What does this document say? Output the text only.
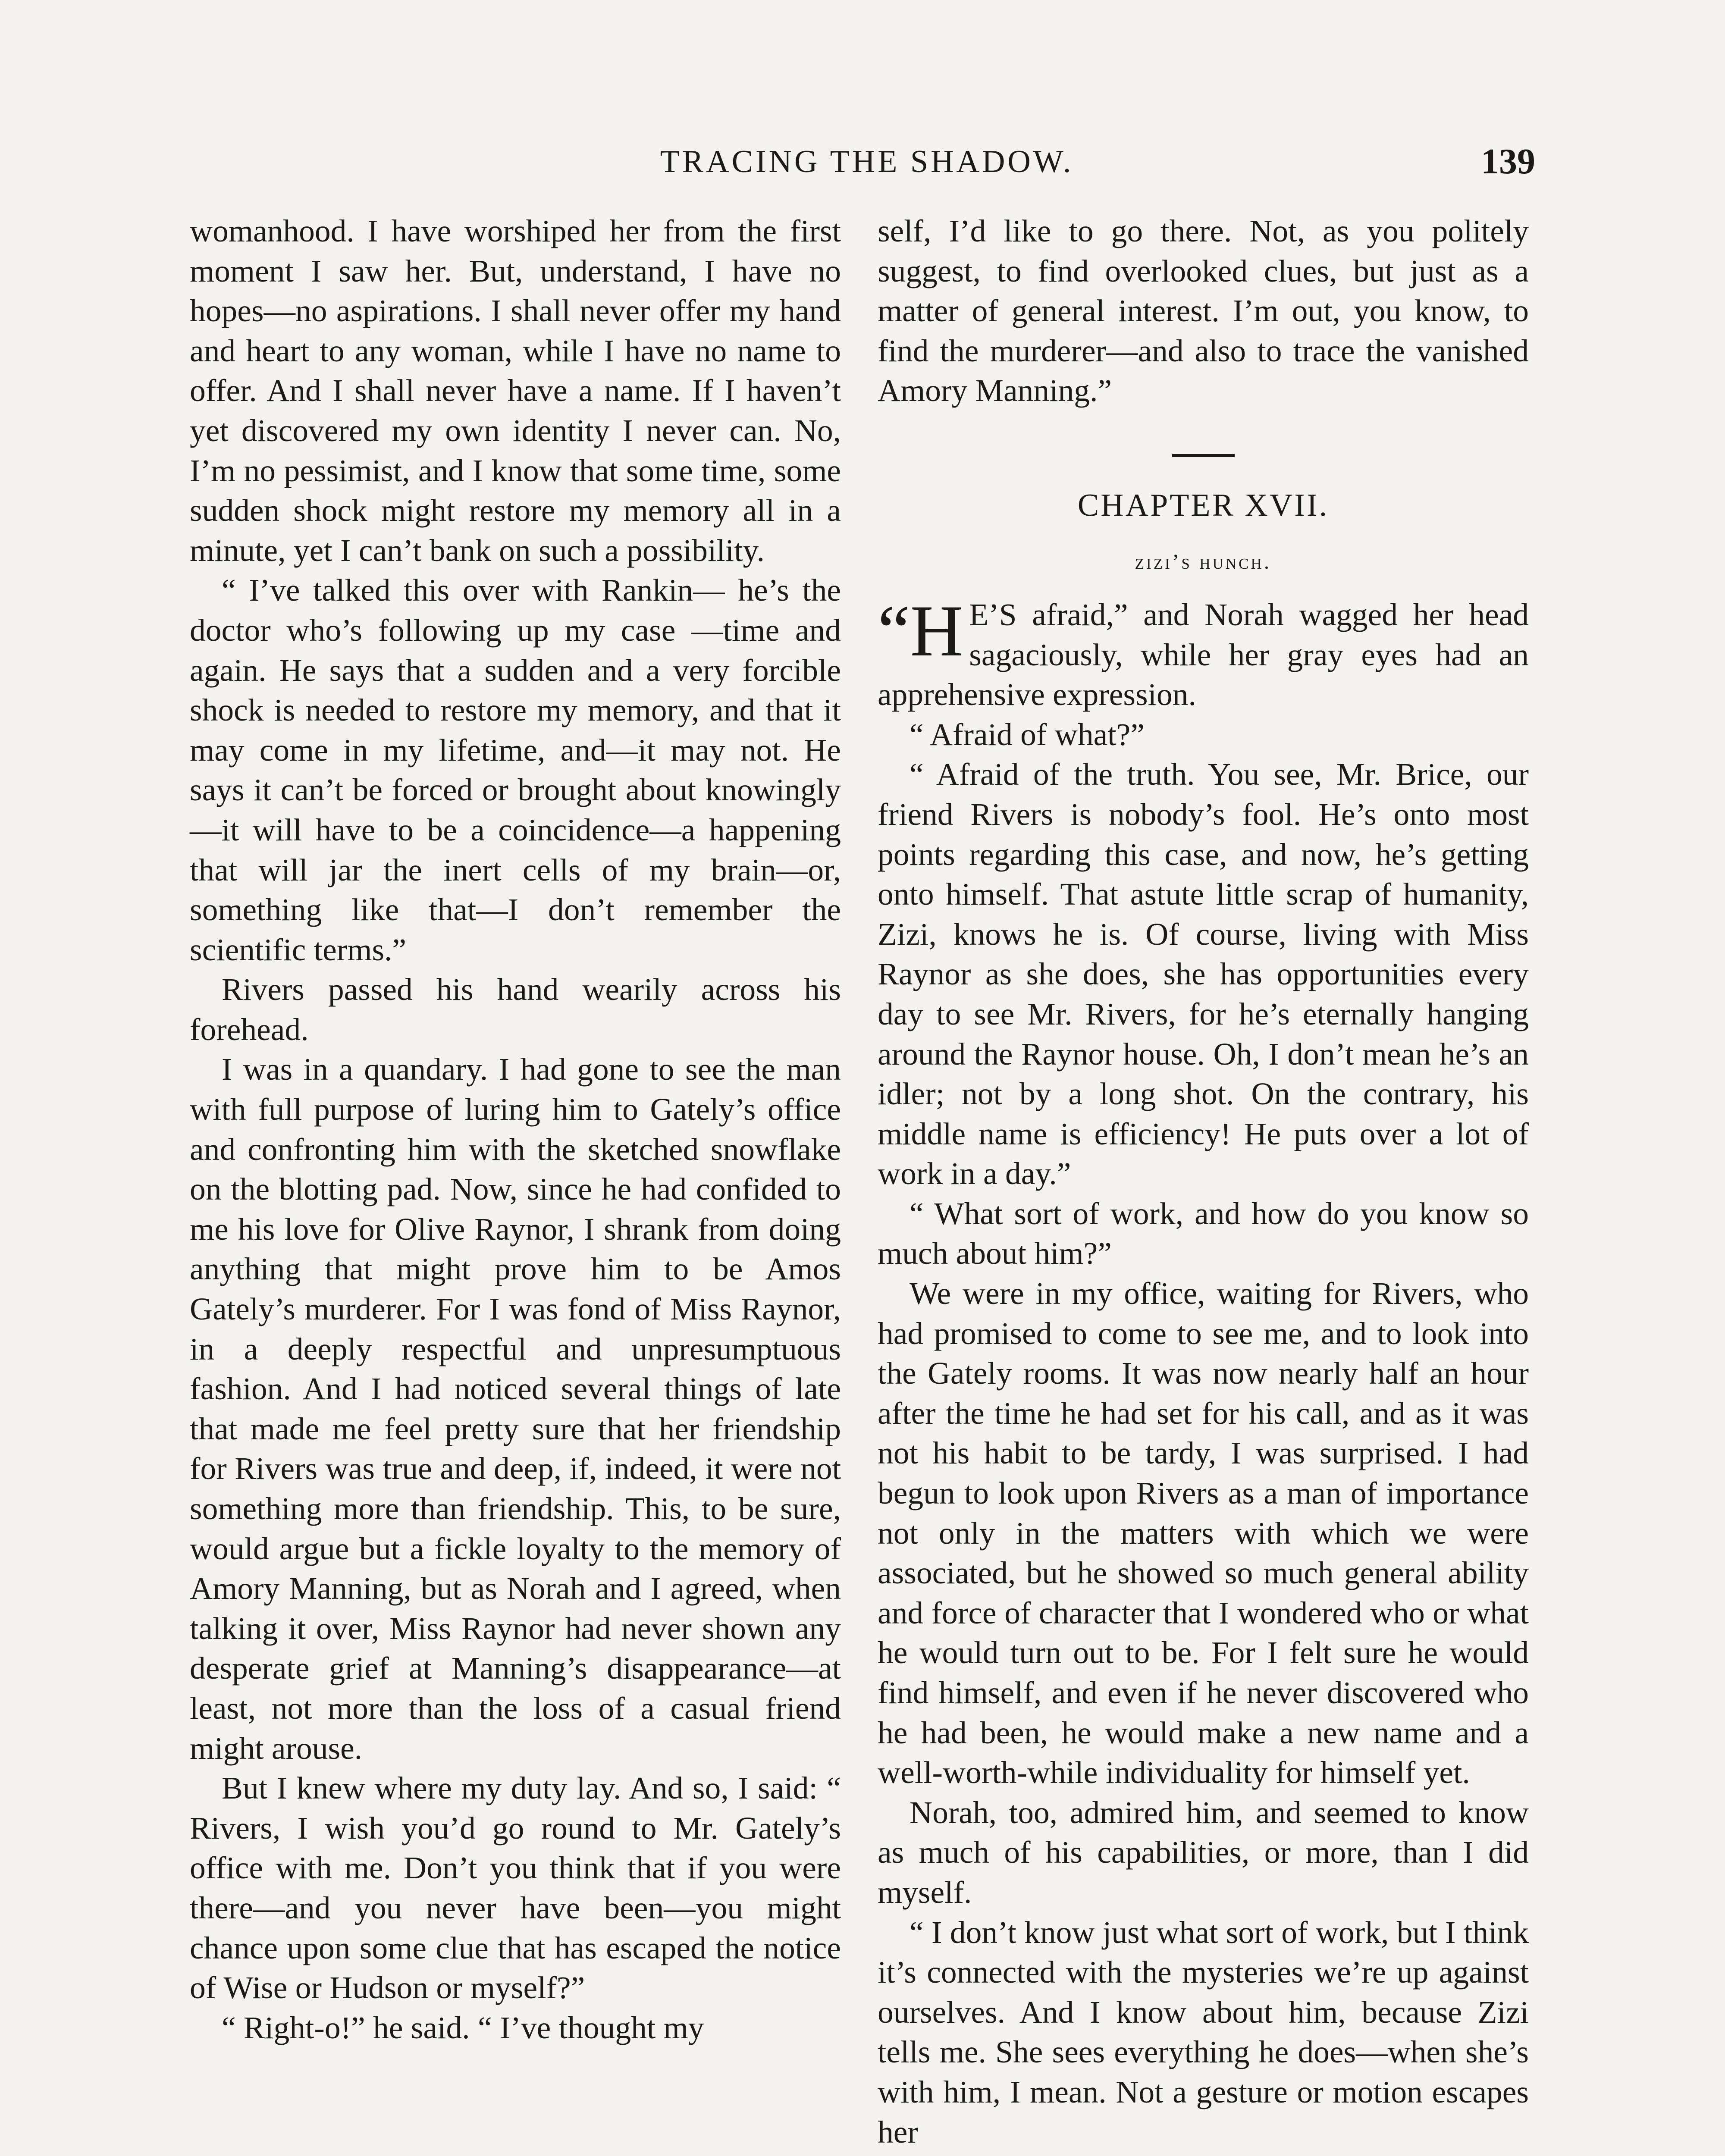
TRACING THE SHADOW.	139

womanhood. I have worshiped her from the first moment I saw her. But, understand, I have no hopes—no aspirations. I shall never offer my hand and heart to any woman, while I have no name to offer. And I shall never have a name. If I haven’t yet discovered my own identity I never can. No, I’m no pessimist, and I know that some time, some sudden shock might restore my memory all in a minute, yet I can’t bank on such a possibility.

“ I’ve talked this over with Rankin— he’s the doctor who’s following up my case —time and again. He says that a sudden and a very forcible shock is needed to restore my memory, and that it may come in my lifetime, and—it may not. He says it can’t be forced or brought about knowingly—it will have to be a coincidence—a happening that will jar the inert cells of my brain—or, something like that—I don’t remember the scientific terms.”

Rivers passed his hand wearily across his forehead.

I was in a quandary. I had gone to see the man with full purpose of luring him to Gately’s office and confronting him with the sketched snowflake on the blotting pad. Now, since he had confided to me his love for Olive Raynor, I shrank from doing anything that might prove him to be Amos Gately’s murderer. For I was fond of Miss Raynor, in a deeply respectful and unpresumptuous fashion. And I had noticed several things of late that made me feel pretty sure that her friendship for Rivers was true and deep, if, indeed, it were not something more than friendship. This, to be sure, would argue but a fickle loyalty to the memory of Amory Manning, but as Norah and I agreed, when talking it over, Miss Raynor had never shown any desperate grief at Manning’s disappearance—at least, not more than the loss of a casual friend might arouse.

But I knew where my duty lay. And so, I said: “ Rivers, I wish you’d go round to Mr. Gately’s office with me. Don’t you think that if you were there—and you never have been—you might chance upon some clue that has escaped the notice of Wise or Hudson or myself?”

“ Right-o!” he said. “ I’ve thought my

self, I’d like to go there. Not, as you politely suggest, to find overlooked clues, but just as a matter of general interest. I’m out, you know, to find the murderer—and also to trace the vanished Amory Manning.”

CHAPTER XVII.
zizi’s hunch.

“H E’S afraid,” and Norah wagged her head sagaciously, while her gray eyes had an apprehensive expression.

“ Afraid of what?”

“ Afraid of the truth. You see, Mr. Brice, our friend Rivers is nobody’s fool. He’s onto most points regarding this case, and now, he’s getting onto himself. That astute little scrap of humanity, Zizi, knows he is. Of course, living with Miss Raynor as she does, she has opportunities every day to see Mr. Rivers, for he’s eternally hanging around the Raynor house. Oh, I don’t mean he’s an idler; not by a long shot. On the contrary, his middle name is efficiency! He puts over a lot of work in a day.”

“ What sort of work, and how do you know so much about him?”

We were in my office, waiting for Rivers, who had promised to come to see me, and to look into the Gately rooms. It was now nearly half an hour after the time he had set for his call, and as it was not his habit to be tardy, I was surprised. I had begun to look upon Rivers as a man of importance not only in the matters with which we were associated, but he showed so much general ability and force of character that I wondered who or what he would turn out to be. For I felt sure he would find himself, and even if he never discovered who he had been, he would make a new name and a well-worth-while individuality for himself yet.

Norah, too, admired him, and seemed to know as much of his capabilities, or more, than I did myself.

“ I don’t know just what sort of work, but I think it’s connected with the mysteries we’re up against ourselves. And I know about him, because Zizi tells me. She sees everything he does—when she’s with him, I mean. Not a gesture or motion escapes her
